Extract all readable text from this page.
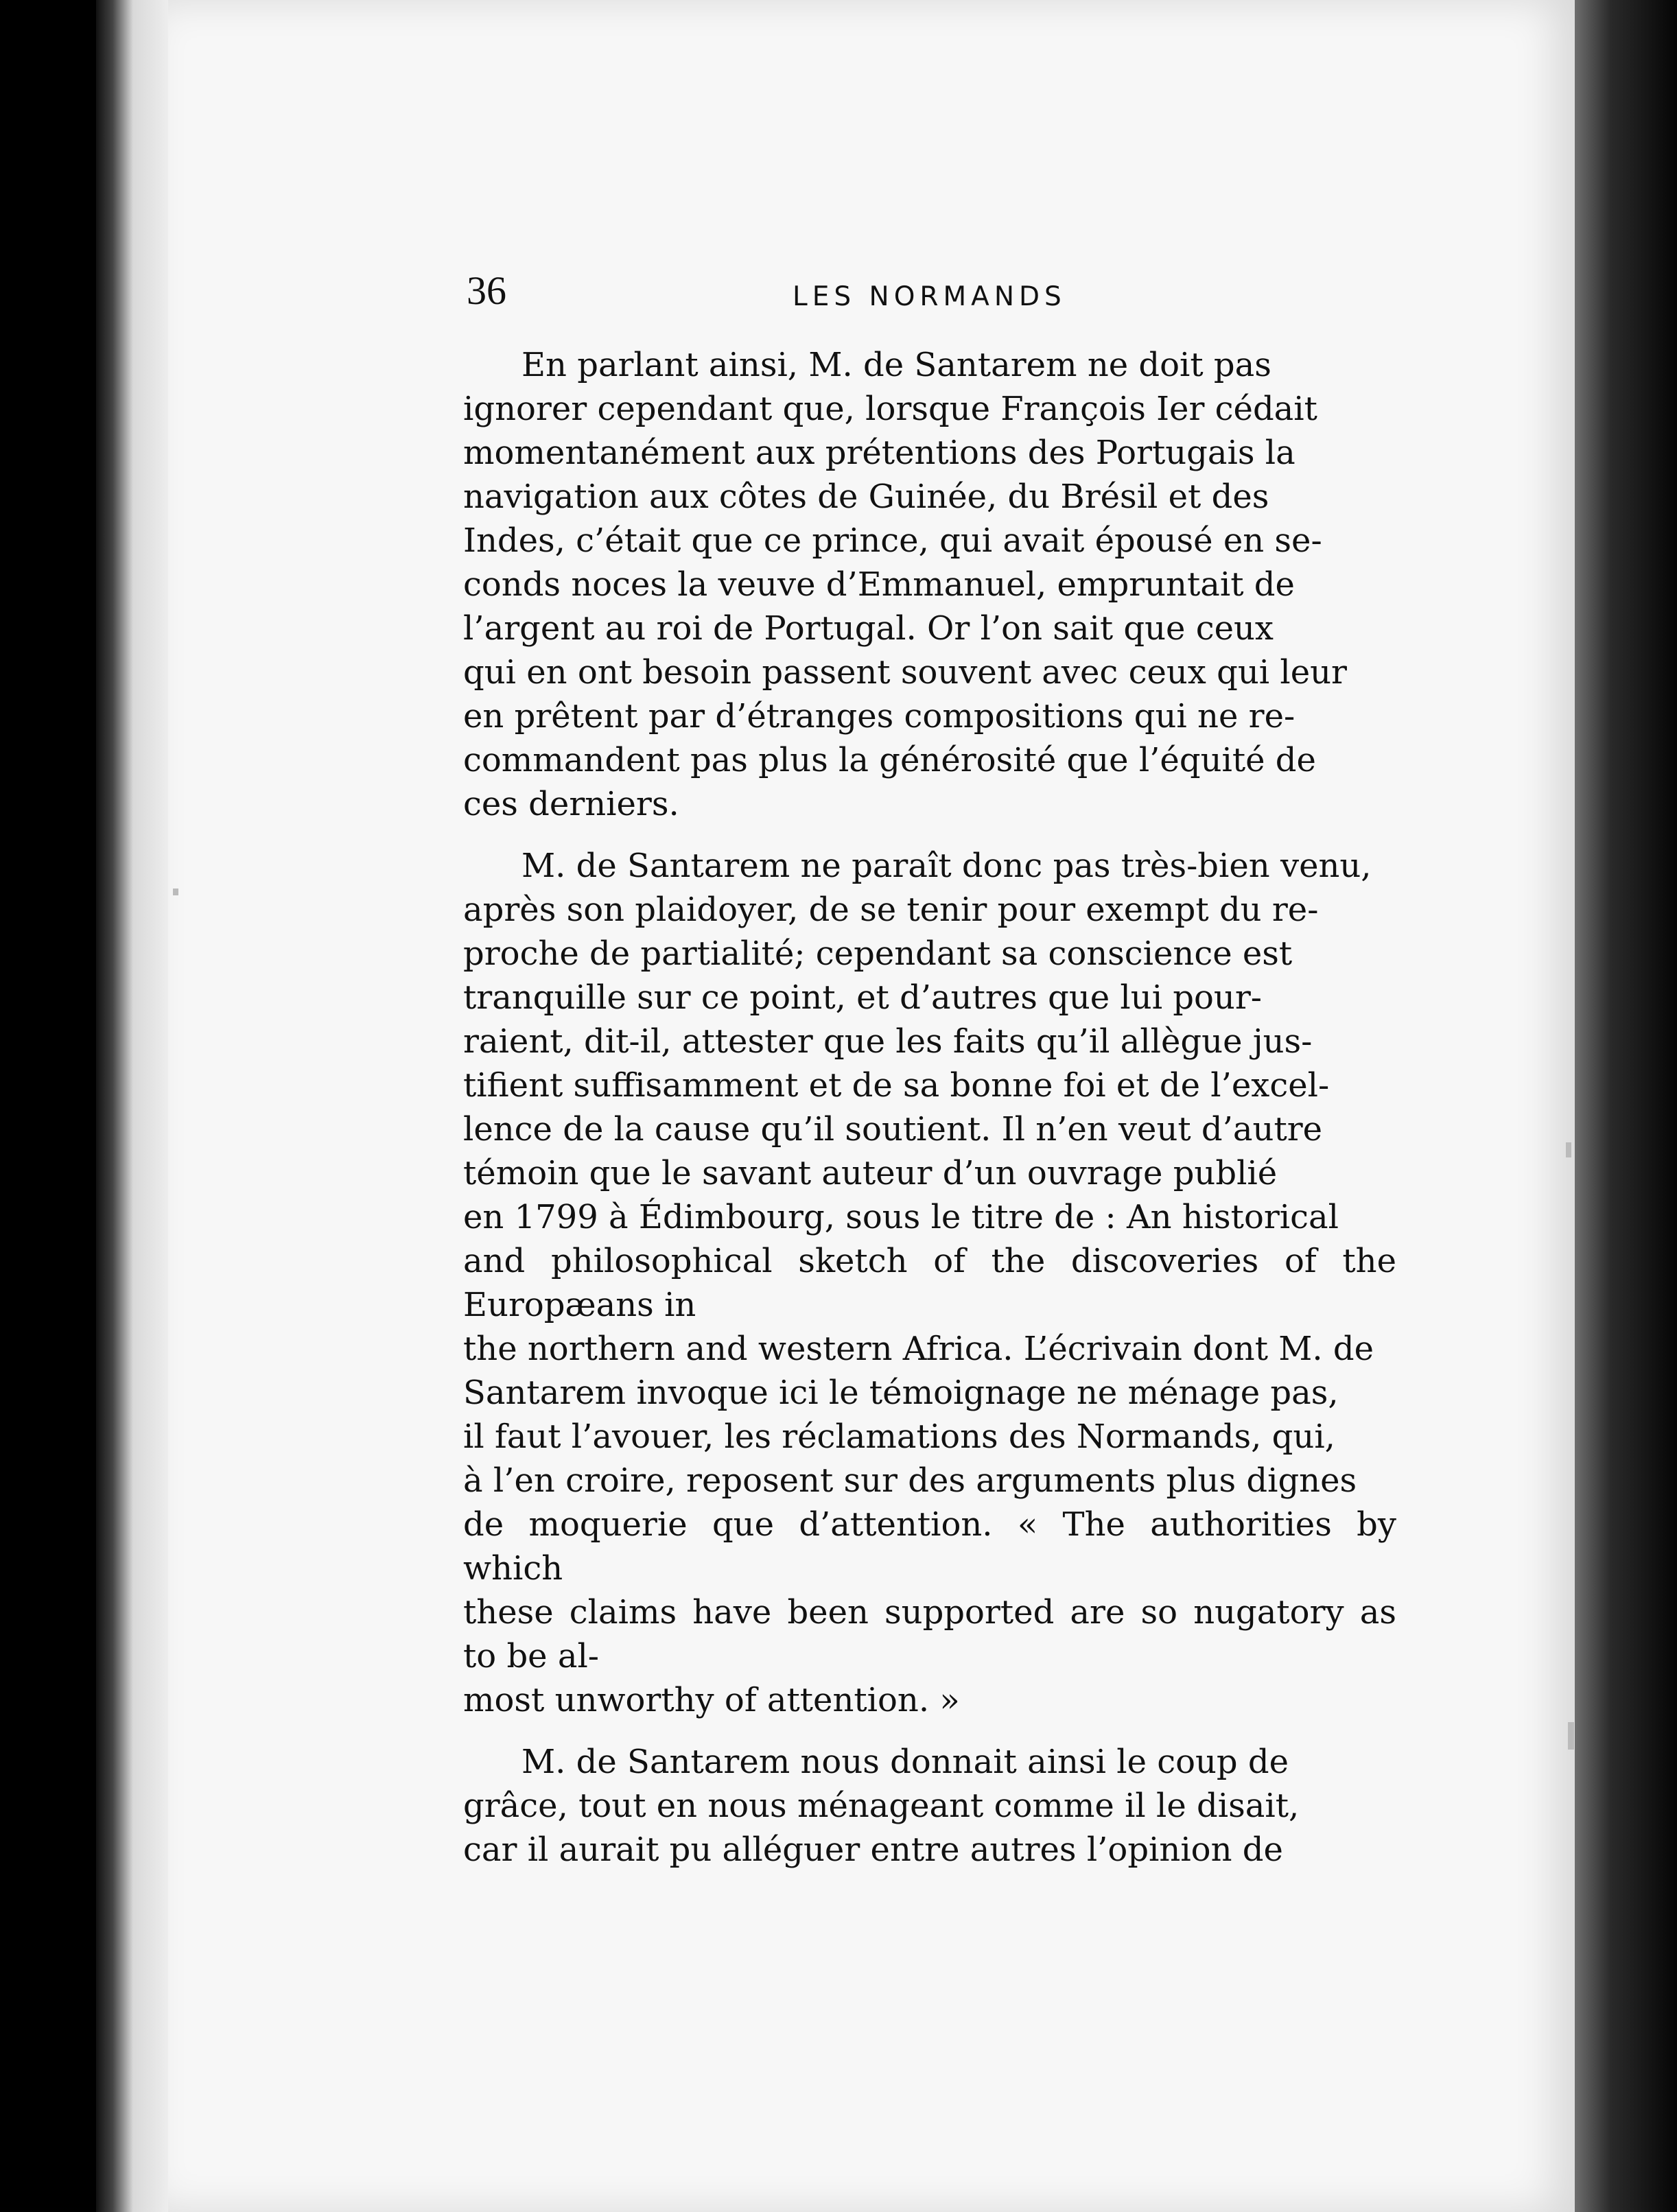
36	LES NORMANDS

En parlant ainsi, M. de Santarem ne doit pas
ignorer cependant que, lorsque François Ier cédait
momentanément aux prétentions des Portugais la
navigation aux côtes de Guinée, du Brésil et des
Indes, c’était que ce prince, qui avait épousé en se-
conds noces la veuve d’Emmanuel, empruntait de
l’argent au roi de Portugal. Or l’on sait que ceux
qui en ont besoin passent souvent avec ceux qui leur
en prêtent par d’étranges compositions qui ne re-
commandent pas plus la générosité que l’équité de
ces derniers.

M. de Santarem ne paraît donc pas très-bien venu,
après son plaidoyer, de se tenir pour exempt du re-
proche de partialité; cependant sa conscience est
tranquille sur ce point, et d’autres que lui pour-
raient, dit-il, attester que les faits qu’il allègue jus-
tifient suffisamment et de sa bonne foi et de l’excel-
lence de la cause qu’il soutient. Il n’en veut d’autre
témoin que le savant auteur d’un ouvrage publié
en 1799 à Édimbourg, sous le titre de : An historical
and philosophical sketch of the discoveries of the Europæans in
the northern and western Africa. L’écrivain dont M. de
Santarem invoque ici le témoignage ne ménage pas,
il faut l’avouer, les réclamations des Normands, qui,
à l’en croire, reposent sur des arguments plus dignes
de moquerie que d’attention. « The authorities by which
these claims have been supported are so nugatory as to be al-
most unworthy of attention. »

M. de Santarem nous donnait ainsi le coup de
grâce, tout en nous ménageant comme il le disait,
car il aurait pu alléguer entre autres l’opinion de
